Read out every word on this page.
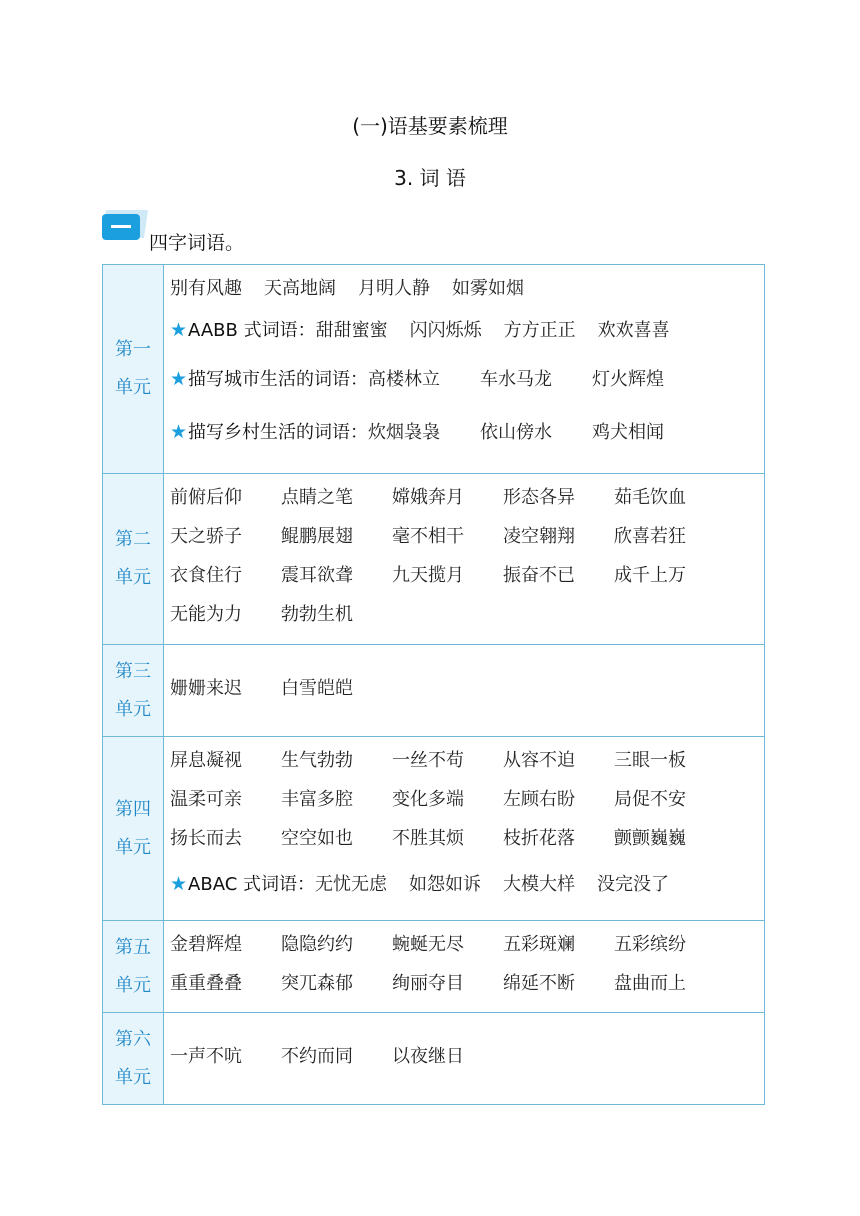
(一)语基要素梳理
3. 词 语
四字词语。
第一单元	别有风趣 天高地阔 月明人静 如雾如烟
★AABB 式词语：甜甜蜜蜜 闪闪烁烁 方方正正 欢欢喜喜
★描写城市生活的词语：高楼林立 车水马龙 灯火辉煌
★描写乡村生活的词语：炊烟袅袅 依山傍水 鸡犬相闻

第二单元	前俯后仰 点睛之笔 嫦娥奔月 形态各异 茹毛饮血
天之骄子 鲲鹏展翅 毫不相干 凌空翱翔 欣喜若狂
衣食住行 震耳欲聋 九天揽月 振奋不已 成千上万
无能为力 勃勃生机

第三单元	姗姗来迟 白雪皑皑

第四单元	屏息凝视 生气勃勃 一丝不苟 从容不迫 三眼一板
温柔可亲 丰富多腔 变化多端 左顾右盼 局促不安
扬长而去 空空如也 不胜其烦 枝折花落 颤颤巍巍
★ABAC 式词语：无忧无虑 如怨如诉 大模大样 没完没了

第五单元	金碧辉煌 隐隐约约 蜿蜒无尽 五彩斑斓 五彩缤纷
重重叠叠 突兀森郁 绚丽夺目 绵延不断 盘曲而上

第六单元	一声不吭 不约而同 以夜继日
